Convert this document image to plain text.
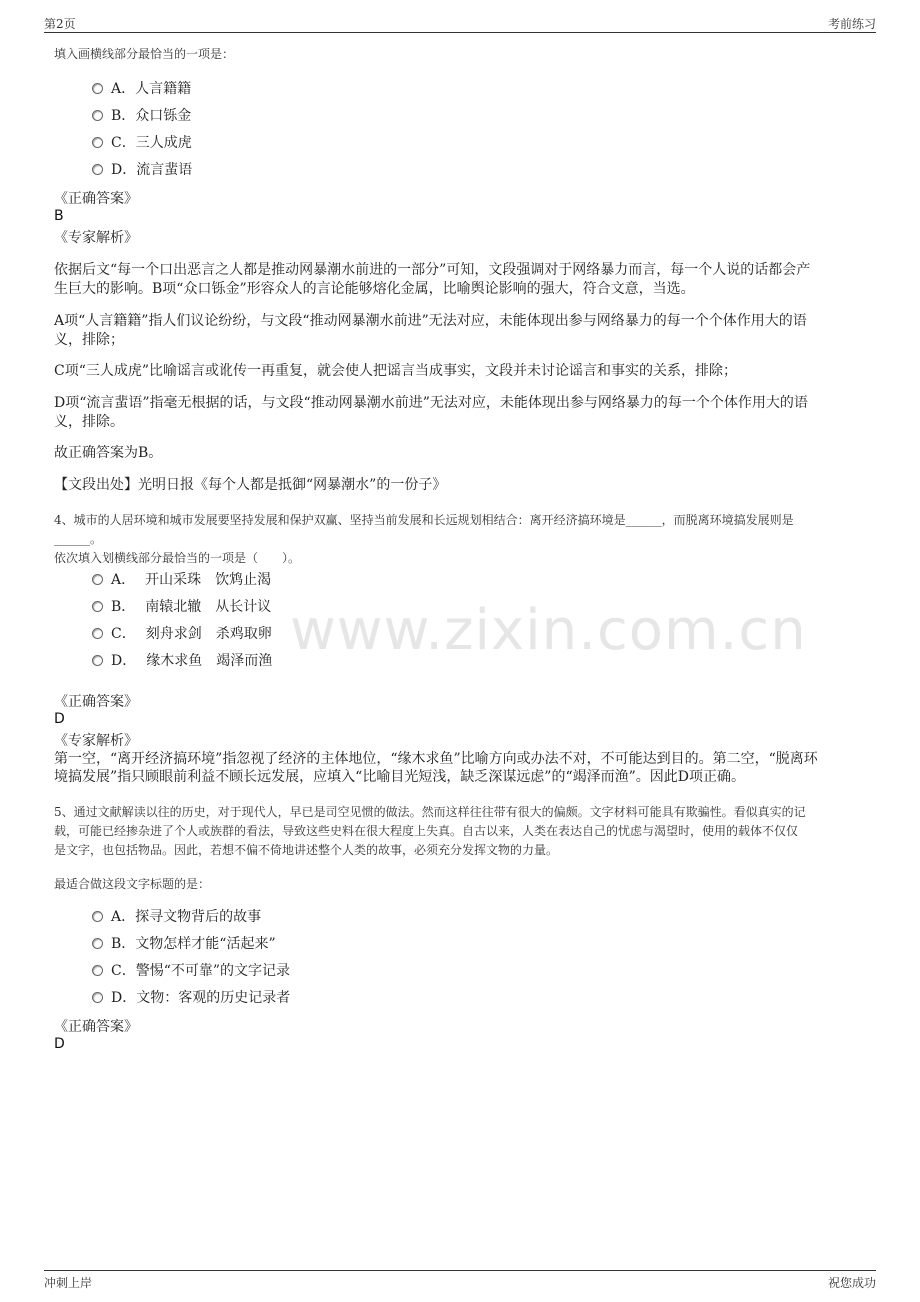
第2页	考前练习
www.zixin.com.cn
填入画横线部分最恰当的一项是：
A．人言籍籍
B．众口铄金
C．三人成虎
D．流言蜚语
《正确答案》
B
《专家解析》
依据后文“每一个口出恶言之人都是推动网暴潮水前进的一部分”可知，文段强调对于网络暴力而言，每一个人说的话都会产
生巨大的影响。B项“众口铄金”形容众人的言论能够熔化金属，比喻舆论影响的强大，符合文意，当选。
A项“人言籍籍”指人们议论纷纷，与文段“推动网暴潮水前进”无法对应，未能体现出参与网络暴力的每一个个体作用大的语
义，排除；
C项“三人成虎”比喻谣言或讹传一再重复，就会使人把谣言当成事实，文段并未讨论谣言和事实的关系，排除；
D项“流言蜚语”指毫无根据的话，与文段“推动网暴潮水前进”无法对应，未能体现出参与网络暴力的每一个个体作用大的语
义，排除。
故正确答案为B。
【文段出处】光明日报《每个人都是抵御“网暴潮水”的一份子》
4、城市的人居环境和城市发展要坚持发展和保护双赢、坚持当前发展和长远规划相结合：离开经济搞环境是______，而脱离环境搞发展则是
______。
依次填入划横线部分最恰当的一项是（　　）。
A． 开山采珠 饮鸩止渴
B． 南辕北辙 从长计议
C． 刻舟求剑 杀鸡取卵
D． 缘木求鱼 竭泽而渔
《正确答案》
D
《专家解析》
第一空，“离开经济搞环境”指忽视了经济的主体地位，“缘木求鱼”比喻方向或办法不对，不可能达到目的。第二空，“脱离环
境搞发展”指只顾眼前利益不顾长远发展，应填入“比喻目光短浅，缺乏深谋远虑”的“竭泽而渔”。因此D项正确。
5、通过文献解读以往的历史，对于现代人，早已是司空见惯的做法。然而这样往往带有很大的偏颇。文字材料可能具有欺骗性。看似真实的记
载，可能已经掺杂进了个人或族群的看法，导致这些史料在很大程度上失真。自古以来，人类在表达自己的忧虑与渴望时，使用的载体不仅仅
是文字，也包括物品。因此，若想不偏不倚地讲述整个人类的故事，必须充分发挥文物的力量。
最适合做这段文字标题的是：
A．探寻文物背后的故事
B．文物怎样才能“活起来”
C．警惕“不可靠”的文字记录
D．文物：客观的历史记录者
《正确答案》
D
冲刺上岸	祝您成功
